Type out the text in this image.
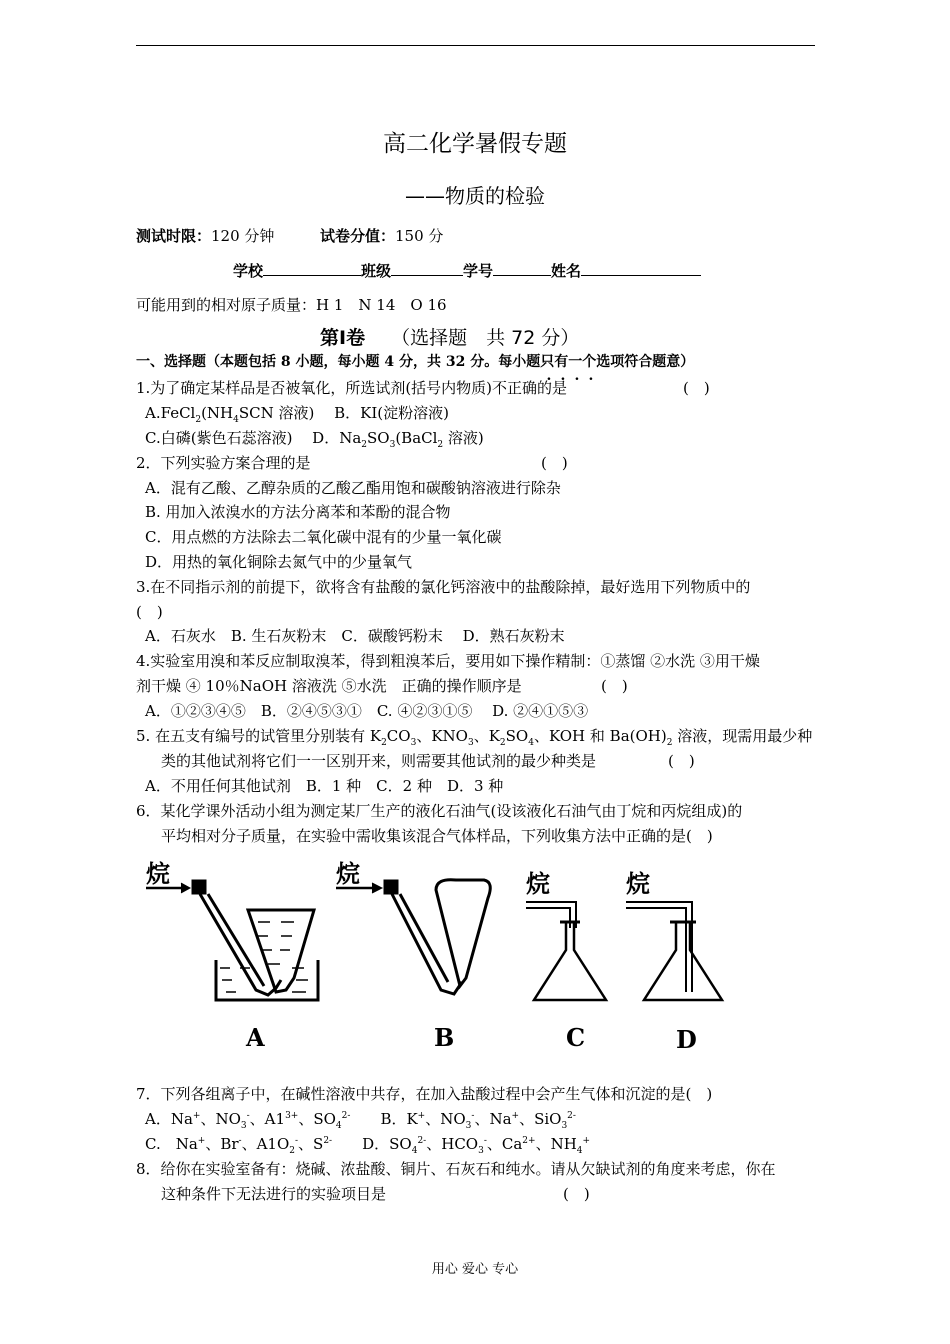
高二化学暑假专题
——物质的检验
测试时限：120 分钟	试卷分值：150 分
学校	班级	学号	姓名
可能用到的相对原子质量：H 1　N 14　O 16
第Ⅰ卷 （选择题　共 72 分）
一、选择题（本题包括 8 小题，每小题 4 分，共 32 分。每小题只有一个选项符合题意）
1.为了确定某样品是否被氧化，所选试剂(括号内物质)不正确的是	(　)
$A.FeCl_2(NH_4SCN$ 溶液)　 B．KI(淀粉溶液)
C.白磷(紫色石蕊溶液)　 D．$Na_2SO_3(BaCl_2$ 溶液)
2．下列实验方案合理的是	(　)
A．混有乙酸、乙醇杂质的乙酸乙酯用饱和碳酸钠溶液进行除杂
B. 用加入浓溴水的方法分离苯和苯酚的混合物
C．用点燃的方法除去二氧化碳中混有的少量一氧化碳
D．用热的氧化铜除去氮气中的少量氧气
3.在不同指示剂的前提下，欲将含有盐酸的氯化钙溶液中的盐酸除掉，最好选用下列物质中的
(　)
A．石灰水　B. 生石灰粉末　C．碳酸钙粉末　 D．熟石灰粉末
4.实验室用溴和苯反应制取溴苯，得到粗溴苯后，要用如下操作精制：①蒸馏 ②水洗 ③用干燥
剂干燥 ④ 10％NaOH 溶液洗 ⑤水洗　正确的操作顺序是	(　)
A．①②③④⑤　B．②④⑤③①　C. ④②③①⑤　 D. ②④①⑤③
5. 在五支有编号的试管里分别装有 $K_2CO_3$、$KNO_3$、$K_2SO_4$、KOH 和 $Ba(OH)_2$ 溶液，现需用最少种
类的其他试剂将它们一一区别开来，则需要其他试剂的最少种类是	(　)
A．不用任何其他试剂　B．1 种　C．2 种　D．3 种
6．某化学课外活动小组为测定某厂生产的液化石油气(设该液化石油气由丁烷和丙烷组成)的
平均相对分子质量，在实验中需收集该混合气体样品，下列收集方法中正确的是(　)
烷
A
烷
B
烷
C
烷
D
7．下列各组离子中，在碱性溶液中共存，在加入盐酸过程中会产生气体和沉淀的是(　)
A．Na+、$NO_3^-$、$A1^{3+}$、$SO_4^{2-}$　　B．K+、$NO_3^-$、Na+、SiO$_3^{2-}$
C.　Na+、Br-、$A1O_2^-$、$S^{2-}$　　D．$SO_4^{2-}$、$HCO_3^-$、$Ca^{2+}$、$NH_4^+$
8．给你在实验室备有：烧碱、浓盐酸、铜片、石灰石和纯水。请从欠缺试剂的角度来考虑，你在
这种条件下无法进行的实验项目是	(　)
用心 爱心 专心
